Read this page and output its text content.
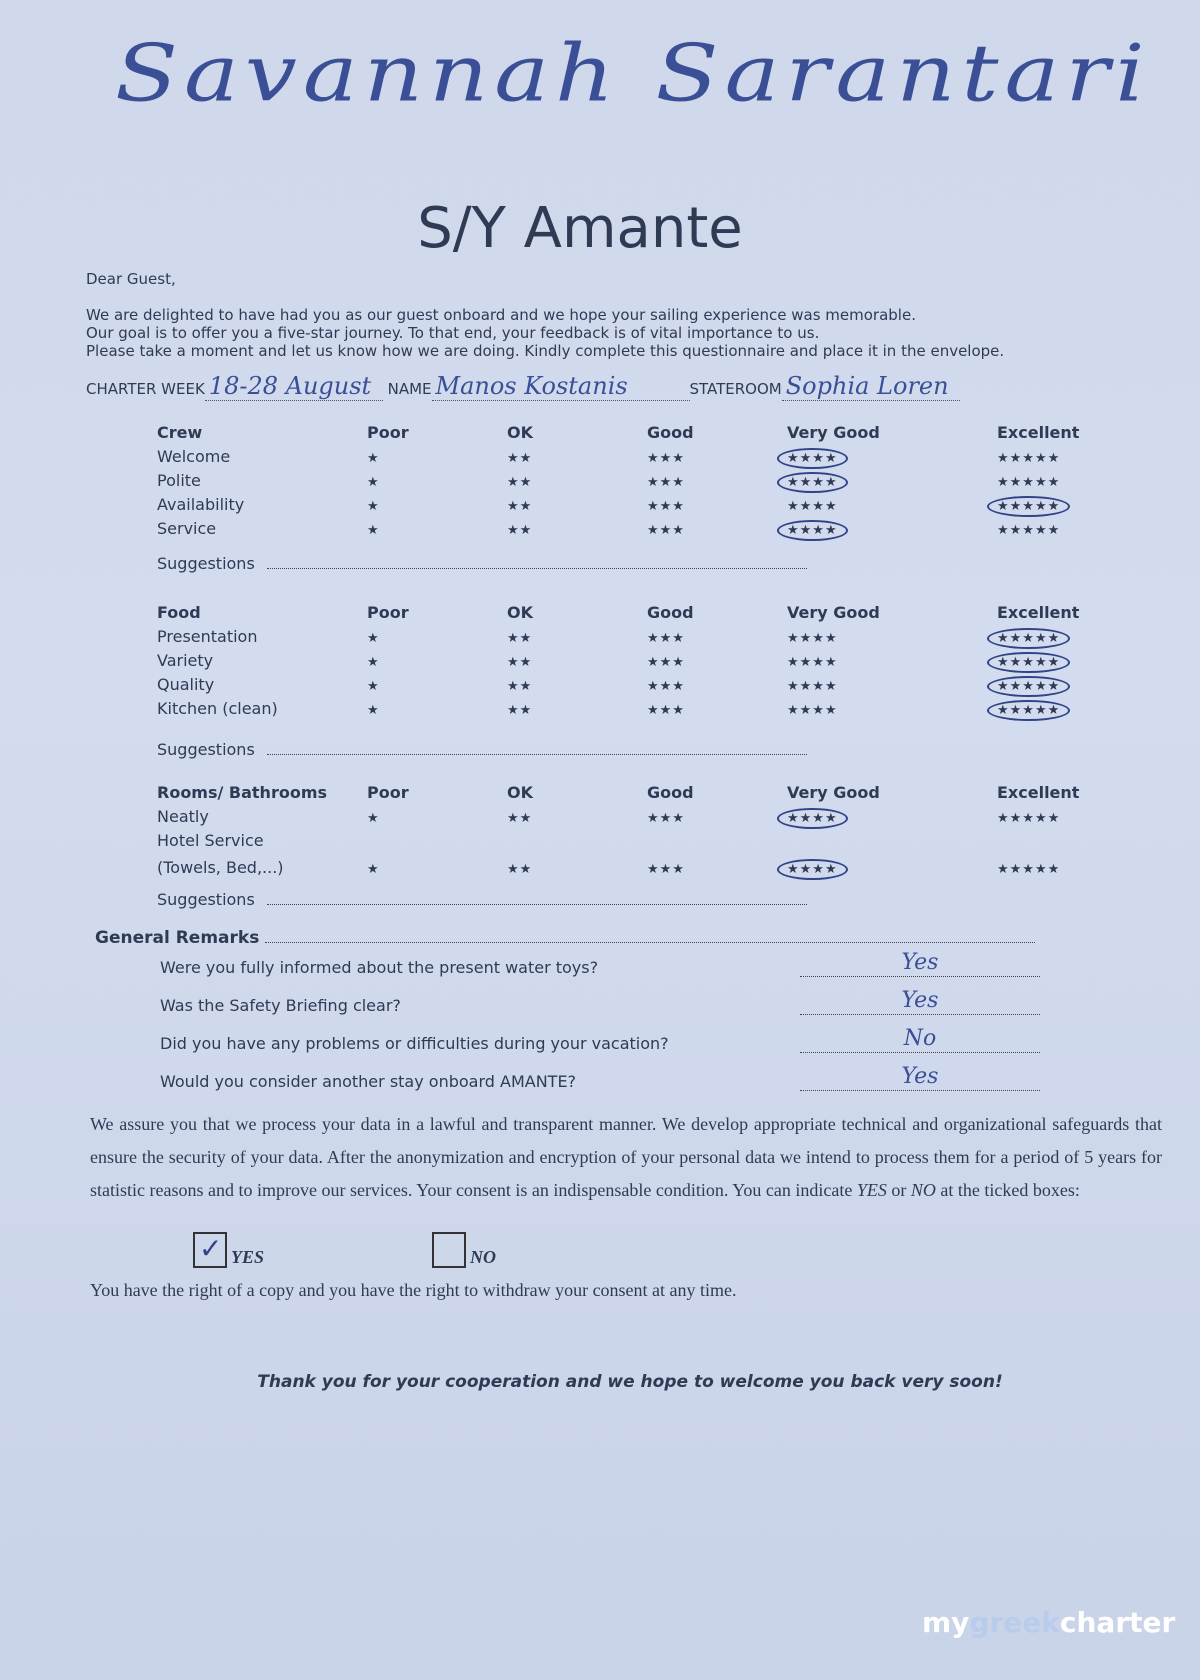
Savannah Sarantari
S/Y Amante
Dear Guest,
We are delighted to have had you as our guest onboard and we hope your sailing experience was memorable.
Our goal is to offer you a five-star journey. To that end, your feedback is of vital importance to us.
Please take a moment and let us know how we are doing. Kindly complete this questionnaire and place it in the envelope.
CHARTER WEEK 18-28 August NAME Manos Kostanis	STATEROOM Sophia Loren
Crew	Poor	OK	Good	Very Good	Excellent
Welcome	★	★★	★★★	★★★★	★★★★★
Polite	★	★★	★★★	★★★★	★★★★★
Availability	★	★★	★★★	★★★★	★★★★★
Service	★	★★	★★★	★★★★	★★★★★
Suggestions
Food	Poor	OK	Good	Very Good	Excellent
Presentation	★	★★	★★★	★★★★	★★★★★
Variety	★	★★	★★★	★★★★	★★★★★
Quality	★	★★	★★★	★★★★	★★★★★
Kitchen (clean)	★	★★	★★★	★★★★	★★★★★
Suggestions
Rooms/ Bathrooms	Poor	OK	Good	Very Good	Excellent
Neatly	★	★★	★★★	★★★★	★★★★★
Hotel Service
(Towels, Bed,...)	★	★★	★★★	★★★★	★★★★★
Suggestions
General Remarks
Were you fully informed about the present water toys?	Yes
Was the Safety Briefing clear?	Yes
Did you have any problems or difficulties during your vacation?	No
Would you consider another stay onboard AMANTE?	Yes
We assure you that we process your data in a lawful and transparent manner. We develop appropriate technical and organizational safeguards that ensure the security of your data. After the anonymization and encryption of your personal data we intend to process them for a period of 5 years for statistic reasons and to improve our services. Your consent is an indispensable condition. You can indicate YES or NO at the ticked boxes:
✓ YES	NO
You have the right of a copy and you have the right to withdraw your consent at any time.
Thank you for your cooperation and we hope to welcome you back very soon!
mygreekcharter
